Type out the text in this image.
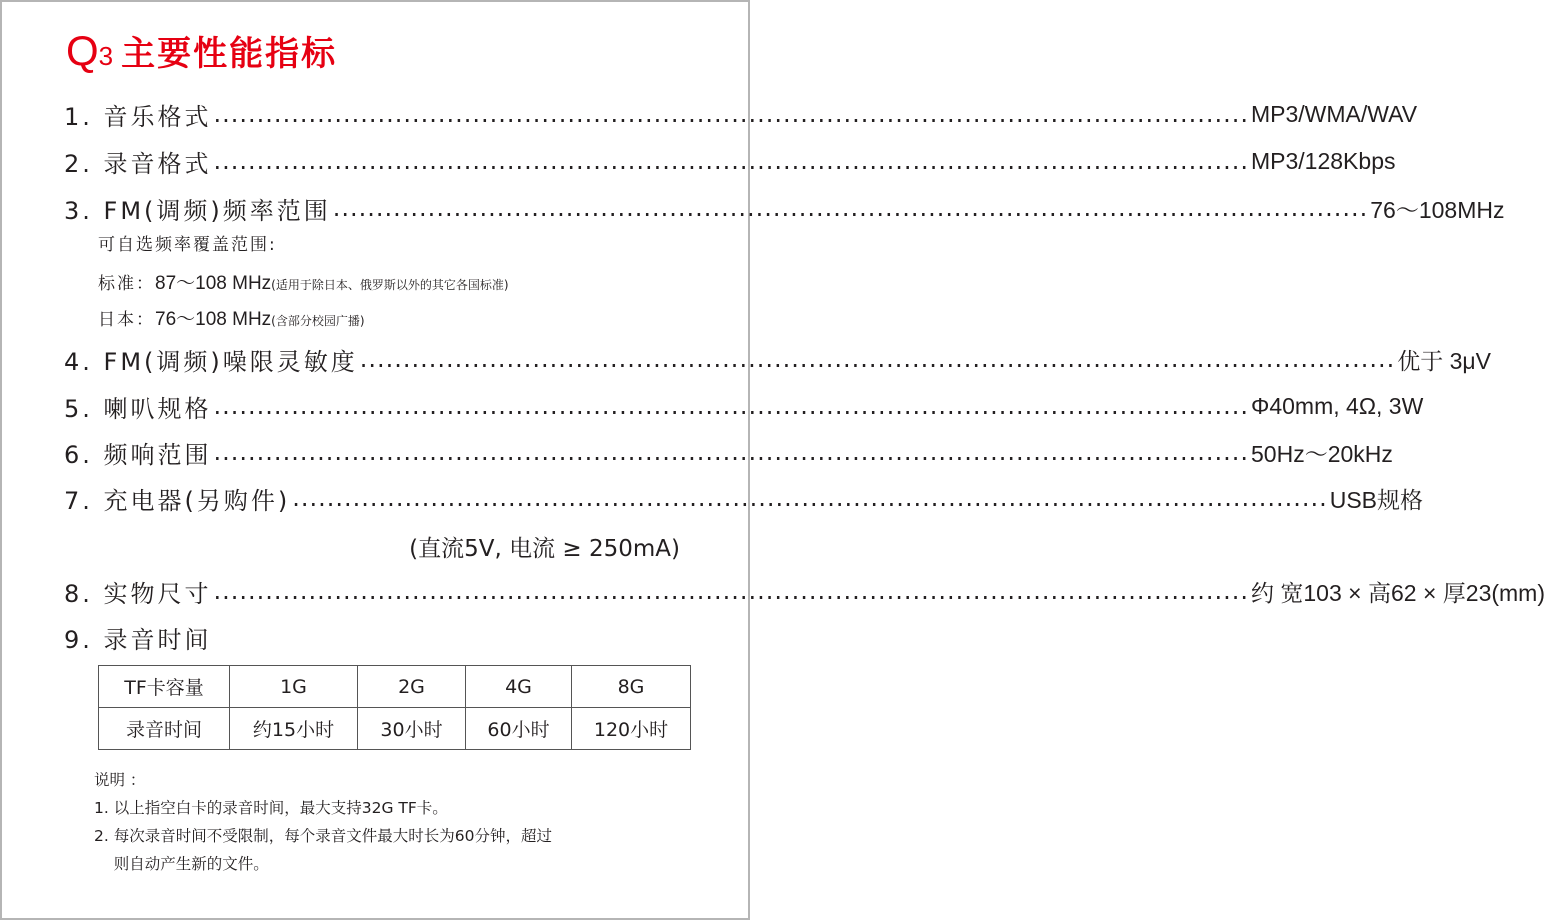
Q 3 主要性能指标
1. 音乐格式 ........................................................................................................................ MP3/WMA/WAV
2. 录音格式 ........................................................................................................................ MP3/128Kbps
3. FM(调频)频率范围 ........................................................................................................................ 76～108MHz
4. FM(调频)噪限灵敏度 ........................................................................................................................ 优于 3μV
5. 喇叭规格 ........................................................................................................................ Φ40mm, 4Ω, 3W
6. 频响范围 ........................................................................................................................ 50Hz～20kHz
7. 充电器(另购件) ........................................................................................................................ USB规格
8. 实物尺寸 ........................................................................................................................ 约 宽103 × 高62 × 厚23(mm)
9. 录音时间
可自选频率覆盖范围:
标准：87～108 MHz(适用于除日本、俄罗斯以外的其它各国标准)
日本：76～108 MHz(含部分校园广播)
(直流5V, 电流 ≥ 250mA)
TF卡容量	1G	2G	4G	8G
录音时间	约15小时	30小时	60小时	120小时
说明 ：
1. 以上指空白卡的录音时间，最大支持32G TF卡。
2. 每次录音时间不受限制，每个录音文件最大时长为60分钟，超过
则自动产生新的文件。
